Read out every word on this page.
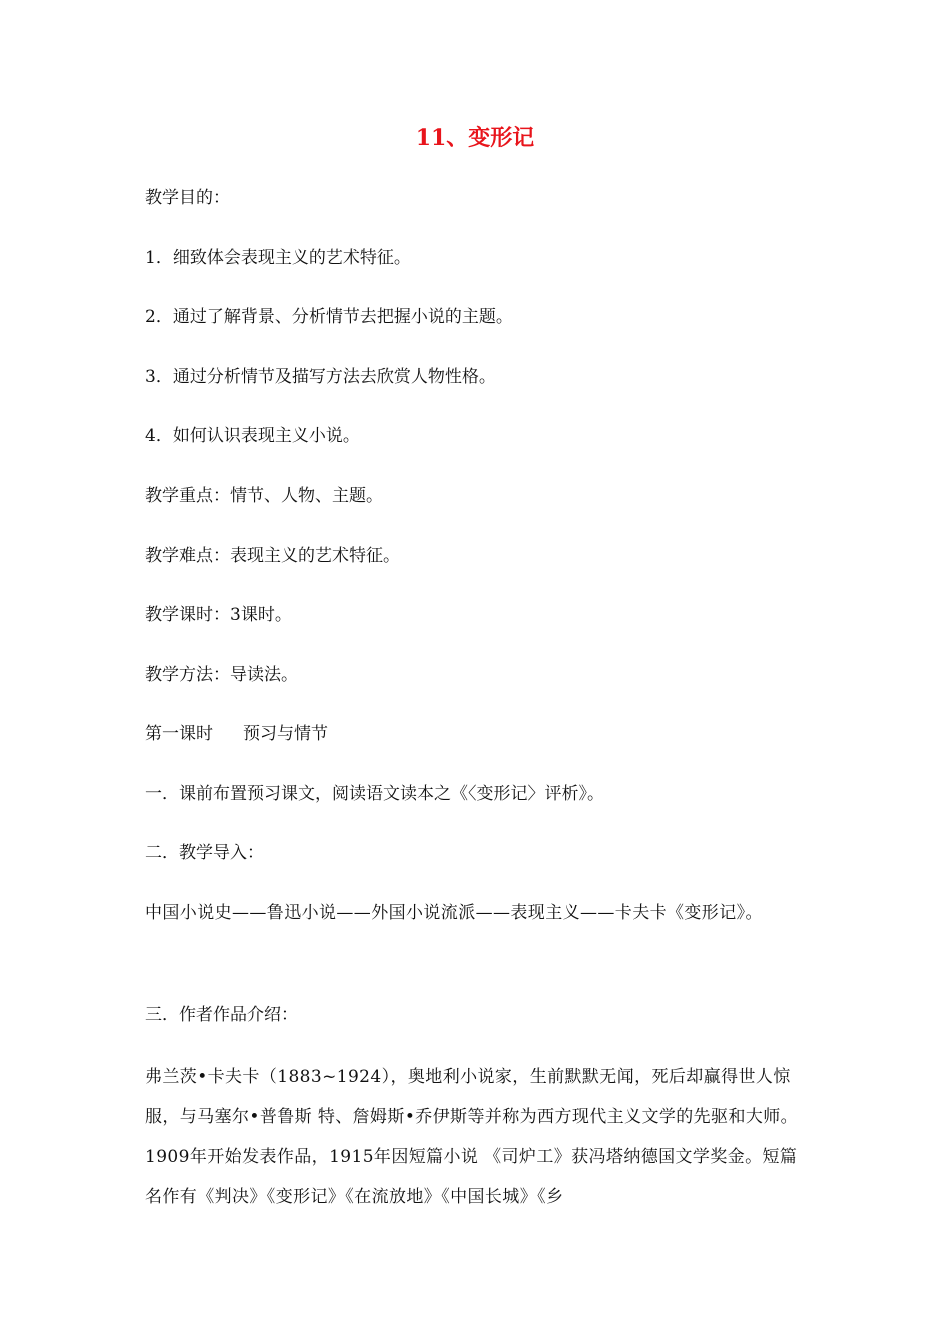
11、变形记
教学目的：
1．细致体会表现主义的艺术特征。
2．通过了解背景、分析情节去把握小说的主题。
3．通过分析情节及描写方法去欣赏人物性格。
4．如何认识表现主义小说。
教学重点：情节、人物、主题。
教学难点：表现主义的艺术特征。
教学课时：3课时。
教学方法：导读法。
第一课时 预习与情节
一．课前布置预习课文，阅读语文读本之《〈变形记〉评析》。
二．教学导入：
中国小说史——鲁迅小说——外国小说流派——表现主义——卡夫卡《变形记》。
三．作者作品介绍：
弗兰茨•卡夫卡（1883~1924），奥地利小说家，生前默默无闻，死后却赢得世人惊服，与马塞尔•普鲁斯 特、詹姆斯•乔伊斯等并称为西方现代主义文学的先驱和大师。1909年开始发表作品，1915年因短篇小说 《司炉工》获冯塔纳德国文学奖金。短篇名作有《判决》《变形记》《在流放地》《中国长城》《乡
